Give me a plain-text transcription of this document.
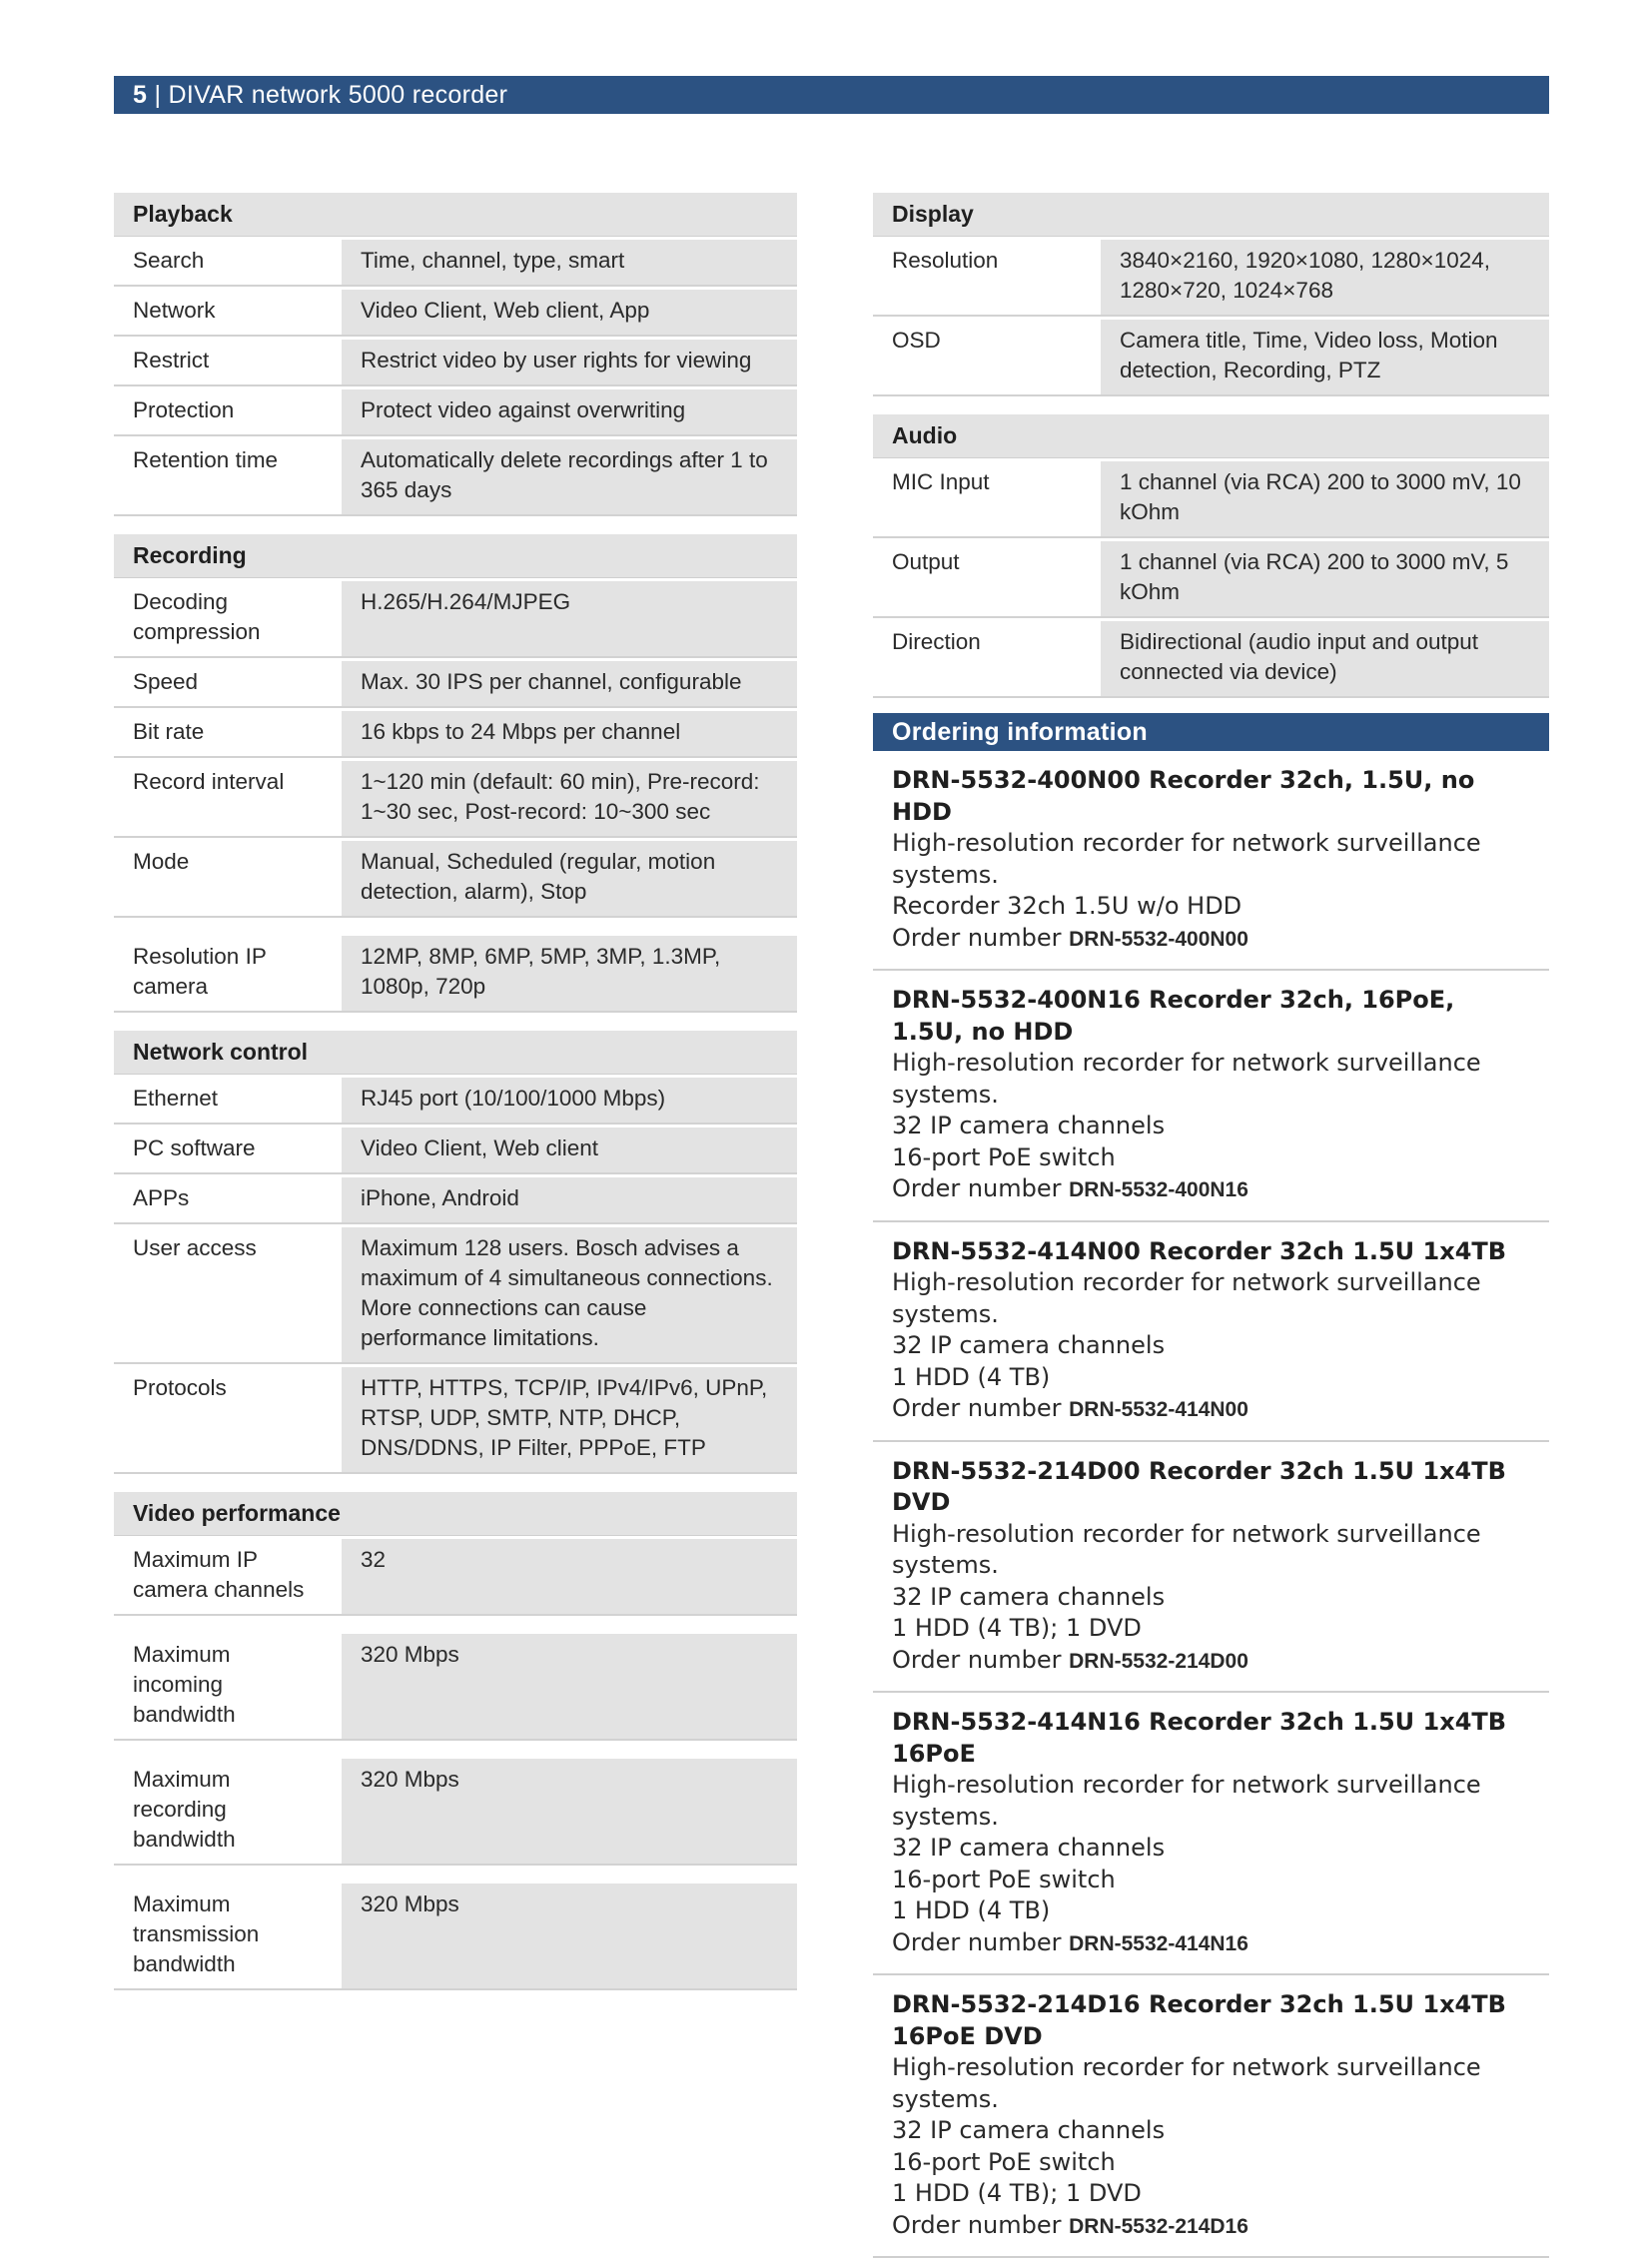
5 | DIVAR network 5000 recorder
Playback	
Search	Time, channel, type, smart
Network	Video Client, Web client, App
Restrict	Restrict video by user rights for viewing
Protection	Protect video against overwriting
Retention time	Automatically delete recordings after 1 to 365 days
Recording	
Decoding compression	H.265/H.264/MJPEG
Speed	Max. 30 IPS per channel, configurable
Bit rate	16 kbps to 24 Mbps per channel
Record interval	1~120 min (default: 60 min), Pre-record: 1~30 sec, Post-record: 10~300 sec
Mode	Manual, Scheduled (regular, motion detection, alarm), Stop
Resolution IP camera	12MP, 8MP, 6MP, 5MP, 3MP, 1.3MP, 1080p, 720p
Network control	
Ethernet	RJ45 port (10/100/1000 Mbps)
PC software	Video Client, Web client
APPs	iPhone, Android
User access	Maximum 128 users. Bosch advises a maximum of 4 simultaneous connections. More connections can cause performance limitations.
Protocols	HTTP, HTTPS, TCP/IP, IPv4/IPv6, UPnP, RTSP, UDP, SMTP, NTP, DHCP, DNS/DDNS, IP Filter, PPPoE, FTP
Video performance
Maximum IP camera channels	32
Maximum incoming bandwidth	320 Mbps
Maximum recording bandwidth	320 Mbps
Maximum transmission bandwidth	320 Mbps
Display	
Resolution	3840×2160, 1920×1080, 1280×1024, 1280×720, 1024×768
OSD	Camera title, Time, Video loss, Motion detection, Recording, PTZ
Audio	
MIC Input	1 channel (via RCA) 200 to 3000 mV, 10 kOhm
Output	1 channel (via RCA) 200 to 3000 mV, 5 kOhm
Direction	Bidirectional (audio input and output connected via device)
Ordering information
DRN-5532-400N00 Recorder 32ch, 1.5U, no HDD
High-resolution recorder for network surveillance systems.
Recorder 32ch 1.5U w/o HDD
Order number DRN-5532-400N00
DRN-5532-400N16 Recorder 32ch, 16PoE, 1.5U, no HDD
High-resolution recorder for network surveillance systems.
32 IP camera channels
16-port PoE switch
Order number DRN-5532-400N16
DRN-5532-414N00 Recorder 32ch 1.5U 1x4TB
High-resolution recorder for network surveillance systems.
32 IP camera channels
1 HDD (4 TB)
Order number DRN-5532-414N00
DRN-5532-214D00 Recorder 32ch 1.5U 1x4TB DVD
High-resolution recorder for network surveillance systems.
32 IP camera channels
1 HDD (4 TB); 1 DVD
Order number DRN-5532-214D00
DRN-5532-414N16 Recorder 32ch 1.5U 1x4TB 16PoE
High-resolution recorder for network surveillance systems.
32 IP camera channels
16-port PoE switch
1 HDD (4 TB)
Order number DRN-5532-414N16
DRN-5532-214D16 Recorder 32ch 1.5U 1x4TB 16PoE DVD
High-resolution recorder for network surveillance systems.
32 IP camera channels
16-port PoE switch
1 HDD (4 TB); 1 DVD
Order number DRN-5532-214D16
